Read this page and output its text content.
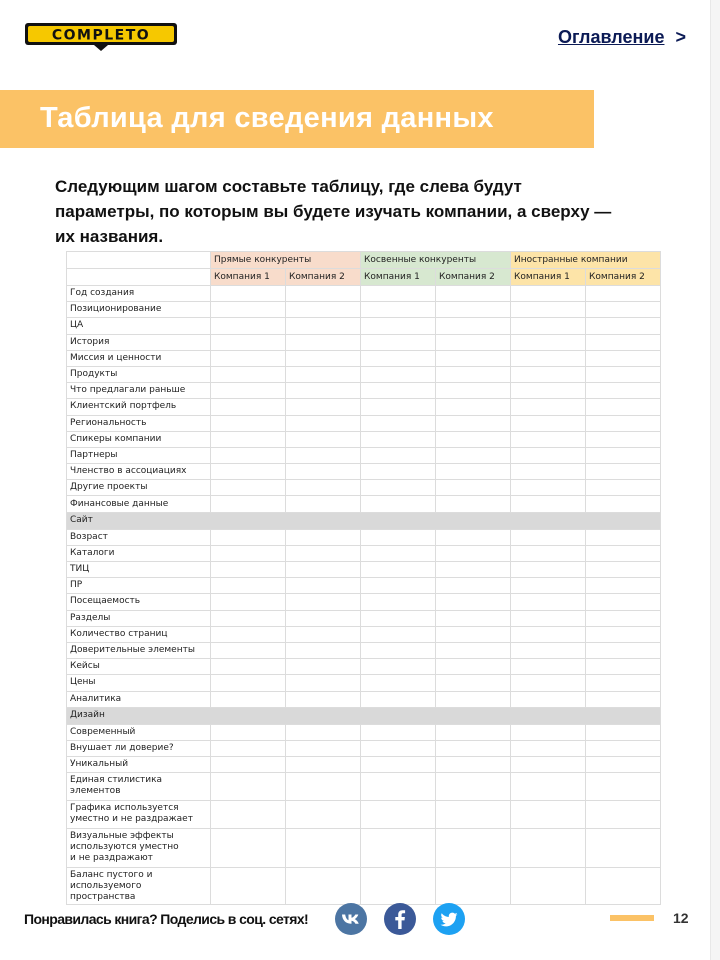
COMPLETO	Оглавление >
Таблица для сведения данных
Следующим шагом составьте таблицу, где слева будут параметры, по которым вы будете изучать компании, а сверху — их названия.
	Прямые конкуренты		Косвенные конкуренты		Иностранные компании	
	Компания 1	Компания 2	Компания 1	Компания 2	Компания 1	Компания 2
Год создания						
Позиционирование						
ЦА						
История						
Миссия и ценности						
Продукты						
Что предлагали раньше						
Клиентский портфель						
Региональность						
Спикеры компании						
Партнеры						
Членство в ассоциациях						
Другие проекты						
Финансовые данные						
Сайт						
Возраст						
Каталоги						
ТИЦ						
ПР						
Посещаемость						
Разделы						
Количество страниц						
Доверительные элементы						
Кейсы						
Цены						
Аналитика						
Дизайн						
Современный						
Внушает ли доверие?						
Уникальный						
Единая стилистика
элементов						
Графика используется
уместно и не раздражает						
Визуальные эффекты
используются уместно
и не раздражают						
Баланс пустого и
используемого пространства						
Понравилась книга? Поделись в соц. сетях!	12
